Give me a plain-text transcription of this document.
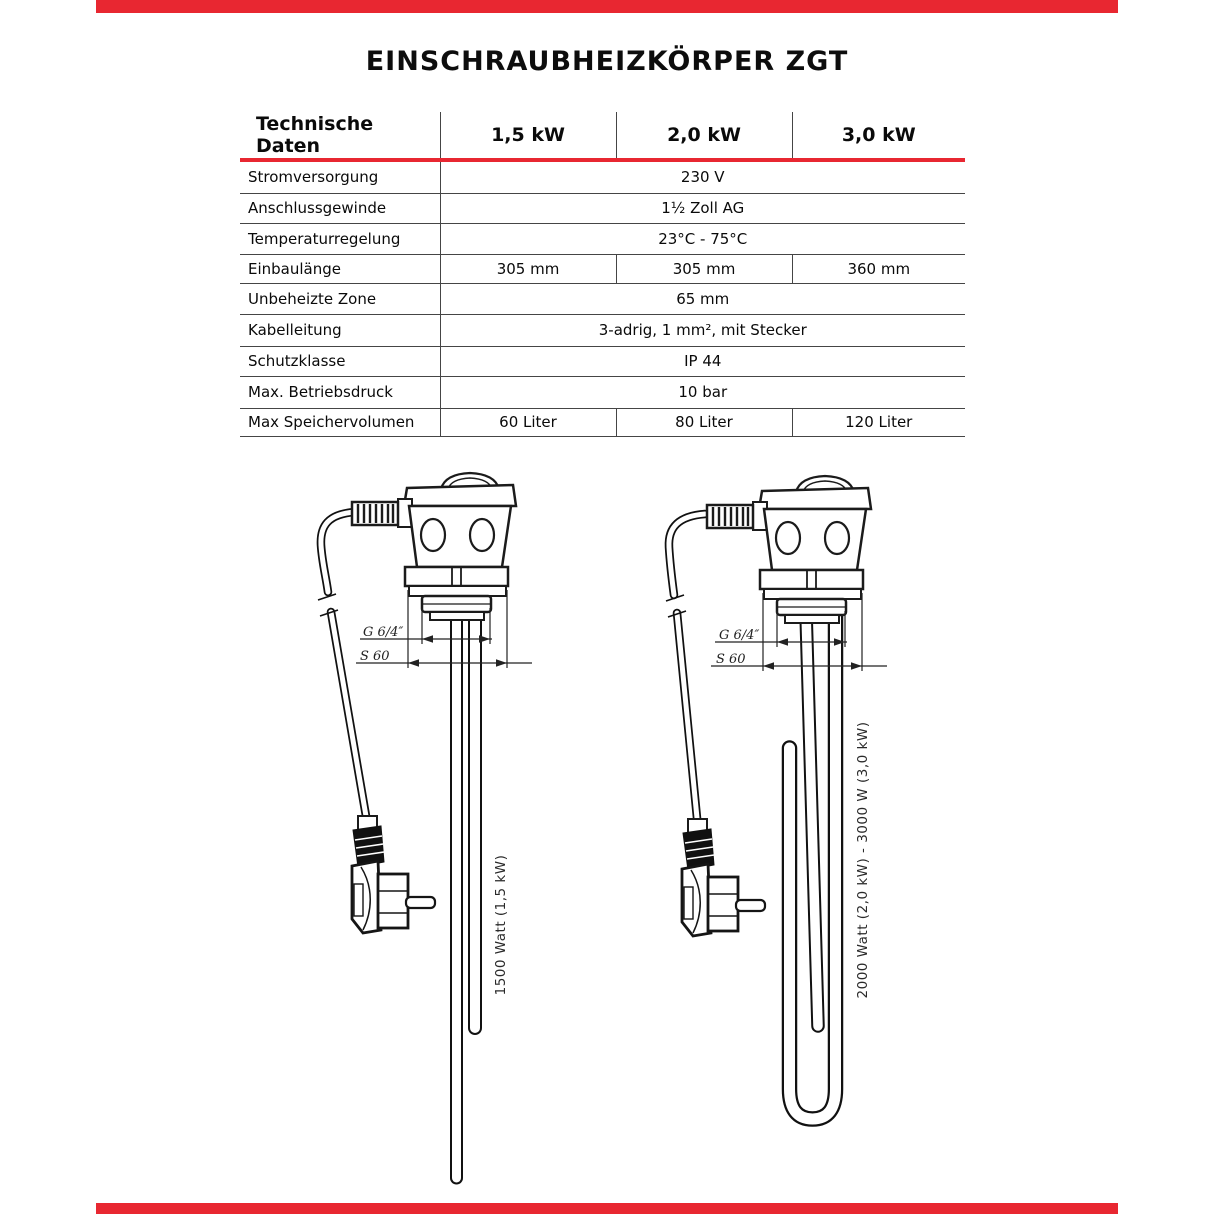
EINSCHRAUBHEIZKÖRPER ZGT
Technische Daten	1,5 kW	2,0 kW	3,0 kW
Stromversorgung	230 V		
Anschlussgewinde	1½ Zoll AG		
Temperaturregelung	23°C - 75°C		
Einbaulänge	305 mm	305 mm	360 mm
Unbeheizte Zone	65 mm		
Kabelleitung	3-adrig, 1 mm², mit Stecker		
Schutzklasse	IP 44		
Max. Betriebsdruck	10 bar		
Max Speichervolumen	60 Liter	80 Liter	120 Liter
G 6/4″
S 60
1500 Watt (1,5 kW)
G 6/4″
S 60
2000 Watt (2,0 kW) - 3000 W (3,0 kW)
